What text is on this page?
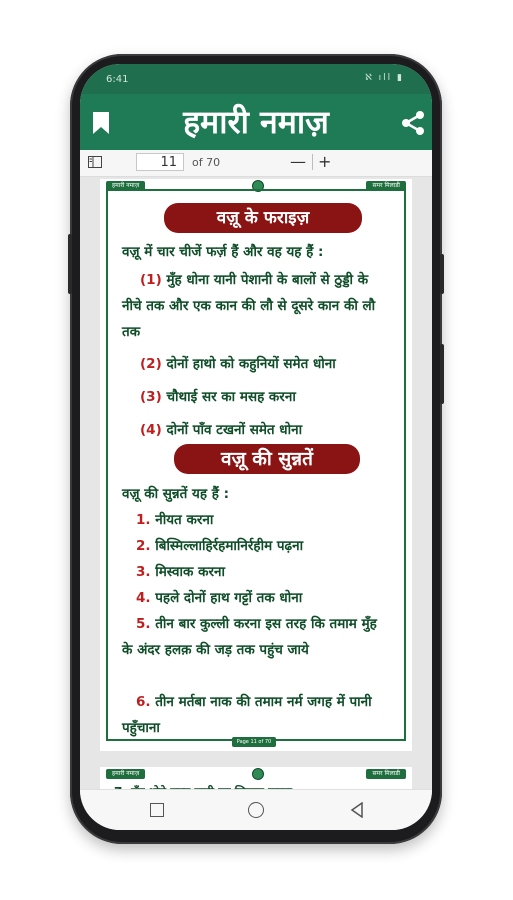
6:41	ℵ ıll ▮
हमारी नमाज़
11	of 70	— +
हमारी नमाज़	समर मिलाडी
वज़ू के फराइज़
वज़ू में चार चीजें फर्ज़ हैं और वह यह हैं :
(1) मुँह धोना यानी पेशानी के बालों से ठुड्डी के नीचे तक और एक कान की लौ से दूसरे कान की लौ तक
(2) दोनों हाथो को कहुनियों समेत धोना
(3) चौथाई सर का मसह करना
(4) दोनों पाँव टखनों समेत धोना
वज़ू की सुन्नतें
वज़ू की सुन्नतें यह हैं :
1. नीयत करना
2. बिस्मिल्लाहिर्रहमानिर्रहीम पढ़ना
3. मिस्वाक करना
4. पहले दोनों हाथ गट्टों तक धोना
5. तीन बार कुल्ली करना इस तरह कि तमाम मुँह के अंदर हलक़ की जड़ तक पहुंच जाये
6. तीन मर्तबा नाक की तमाम नर्म जगह में पानी पहुँचाना
Page 11 of 70
हमारी नमाज़	समर मिलाडी
